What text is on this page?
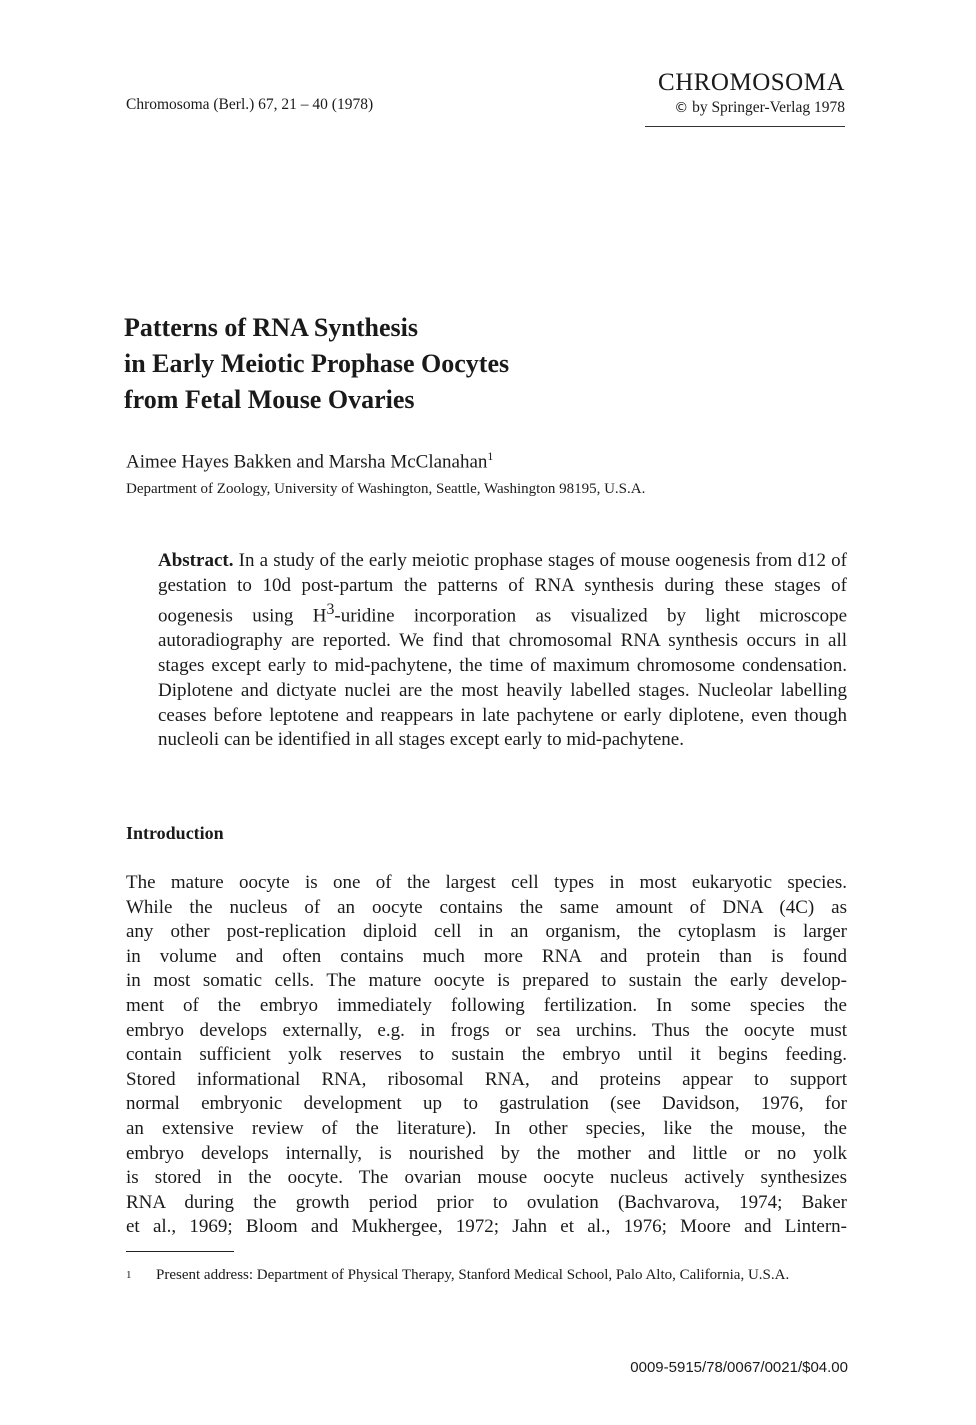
Chromosoma (Berl.) 67, 21 – 40 (1978)
CHROMOSOMA
© by Springer-Verlag 1978
Patterns of RNA Synthesis
in Early Meiotic Prophase Oocytes
from Fetal Mouse Ovaries
Aimee Hayes Bakken and Marsha McClanahan$^1$
Department of Zoology, University of Washington, Seattle, Washington 98195, U.S.A.
Abstract. In a study of the early meiotic prophase stages of mouse oogenesis from d12 of gestation to 10d post-partum the patterns of RNA synthesis during these stages of oogenesis using $H^3$-uridine incorporation as visualized by light microscope autoradiography are reported. We find that chromosomal RNA synthesis occurs in all stages except early to mid-pachytene, the time of maximum chromosome condensation. Diplotene and dictyate nuclei are the most heavily labelled stages. Nucleolar labelling ceases before leptotene and reappears in late pachytene or early diplotene, even though nucleoli can be identified in all stages except early to mid-pachytene.
Introduction
The mature oocyte is one of the largest cell types in most eukaryotic species.
While the nucleus of an oocyte contains the same amount of DNA (4C) as
any other post-replication diploid cell in an organism, the cytoplasm is larger
in volume and often contains much more RNA and protein than is found
in most somatic cells. The mature oocyte is prepared to sustain the early develop-
ment of the embryo immediately following fertilization. In some species the
embryo develops externally, e.g. in frogs or sea urchins. Thus the oocyte must
contain sufficient yolk reserves to sustain the embryo until it begins feeding.
Stored informational RNA, ribosomal RNA, and proteins appear to support
normal embryonic development up to gastrulation (see Davidson, 1976, for
an extensive review of the literature). In other species, like the mouse, the
embryo develops internally, is nourished by the mother and little or no yolk
is stored in the oocyte. The ovarian mouse oocyte nucleus actively synthesizes
RNA during the growth period prior to ovulation (Bachvarova, 1974; Baker
et al., 1969; Bloom and Mukhergee, 1972; Jahn et al., 1976; Moore and Lintern-
1 Present address: Department of Physical Therapy, Stanford Medical School, Palo Alto, California, U.S.A.
0009-5915/78/0067/0021/$04.00
